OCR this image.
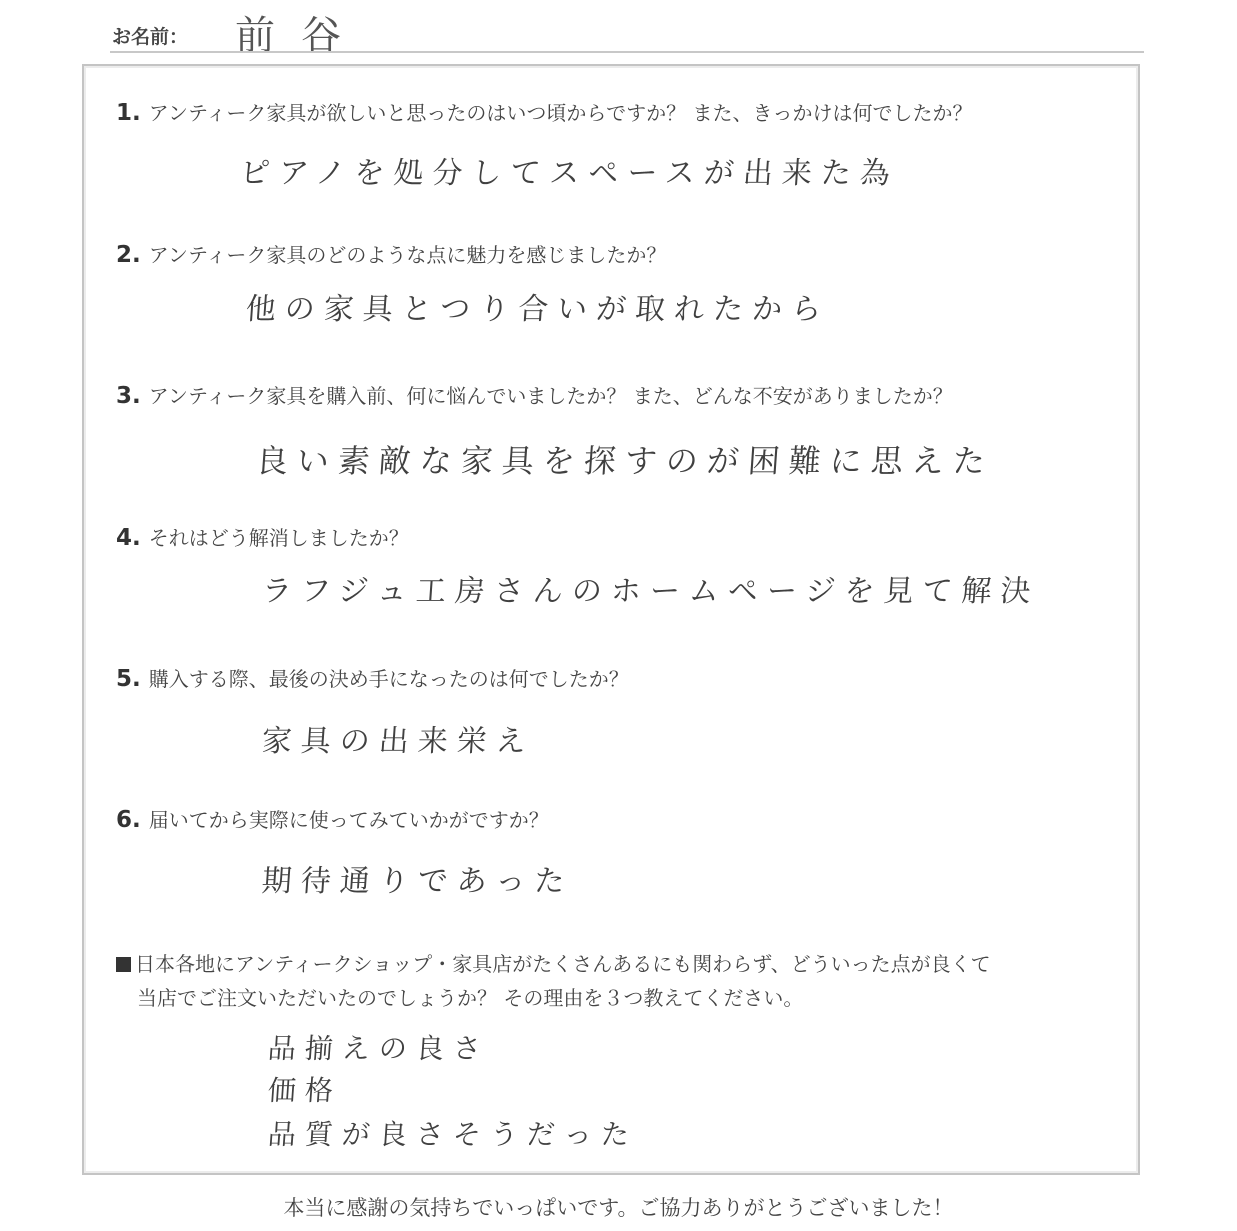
お名前： 前谷
1. アンティーク家具が欲しいと思ったのはいつ頃からですか？ また、きっかけは何でしたか？
ピアノを処分してスペースが出来た為
2. アンティーク家具のどのような点に魅力を感じましたか？
他の家具とつり合いが取れたから
3. アンティーク家具を購入前、何に悩んでいましたか？ また、どんな不安がありましたか？
良い素敵な家具を探すのが困難に思えた
4. それはどう解消しましたか？
ラフジュ工房さんのホームページを見て解決
5. 購入する際、最後の決め手になったのは何でしたか？
家具の出来栄え
6. 届いてから実際に使ってみていかがですか？
期待通りであった
日本各地にアンティークショップ・家具店がたくさんあるにも関わらず、どういった点が良くて
当店でご注文いただいたのでしょうか？ その理由を３つ教えてください。
品揃えの良さ
価格
品質が良さそうだった
本当に感謝の気持ちでいっぱいです。ご協力ありがとうございました！
